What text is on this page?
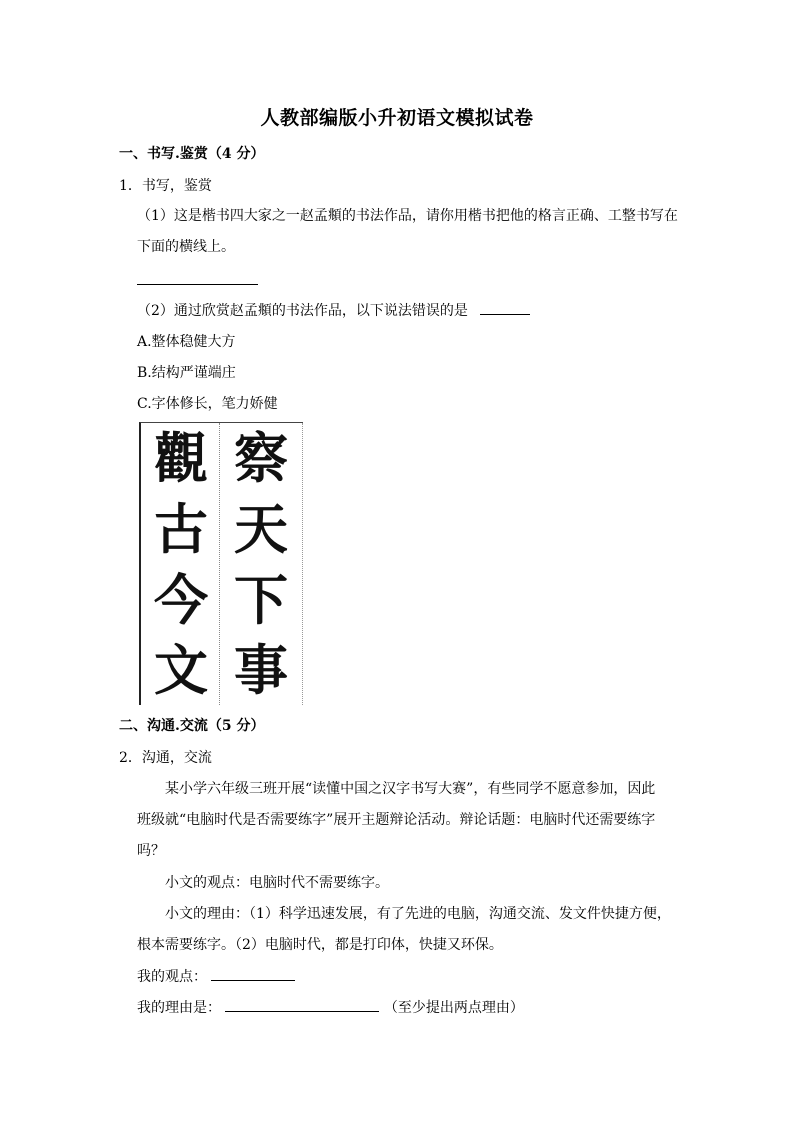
人教部编版小升初语文模拟试卷
一、书写.鉴赏（4 分）
1．书写，鉴赏
（1）这是楷书四大家之一赵孟頫的书法作品，请你用楷书把他的格言正确、工整书写在
下面的横线上。
（2）通过欣赏赵孟頫的书法作品，以下说法错误的是
A.整体稳健大方
B.结构严谨端庄
C.字体修长，笔力娇健
觀
古
今
文
察
天
下
事
二、沟通.交流（5 分）
2．沟通，交流
某小学六年级三班开展“读懂中国之汉字书写大赛”，有些同学不愿意参加，因此
班级就“电脑时代是否需要练字”展开主题辩论活动。辩论话题：电脑时代还需要练字
吗？
小文的观点：电脑时代不需要练字。
小文的理由：（1）科学迅速发展，有了先进的电脑，沟通交流、发文件快捷方便，
根本需要练字。（2）电脑时代，都是打印体，快捷又环保。
我的观点：
我的理由是：	（至少提出两点理由）
